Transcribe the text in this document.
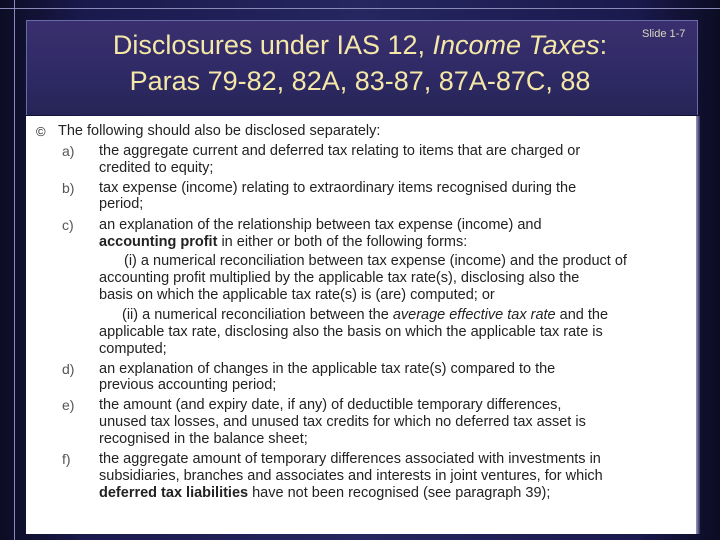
Disclosures under IAS 12, Income Taxes:
Paras 79-82, 82A, 83-87, 87A-87C, 88
Slide 1-7
© The following should also be disclosed separately:
a) the aggregate current and deferred tax relating to items that are charged or
credited to equity;
b) tax expense (income) relating to extraordinary items recognised during the
period;
c) an explanation of the relationship between tax expense (income) and
accounting profit in either or both of the following forms:
(i) a numerical reconciliation between tax expense (income) and the product of
accounting profit multiplied by the applicable tax rate(s), disclosing also the
basis on which the applicable tax rate(s) is (are) computed; or
(ii) a numerical reconciliation between the average effective tax rate and the
applicable tax rate, disclosing also the basis on which the applicable tax rate is
computed;
d) an explanation of changes in the applicable tax rate(s) compared to the
previous accounting period;
e) the amount (and expiry date, if any) of deductible temporary differences,
unused tax losses, and unused tax credits for which no deferred tax asset is
recognised in the balance sheet;
f) the aggregate amount of temporary differences associated with investments in
subsidiaries, branches and associates and interests in joint ventures, for which
deferred tax liabilities have not been recognised (see paragraph 39);
